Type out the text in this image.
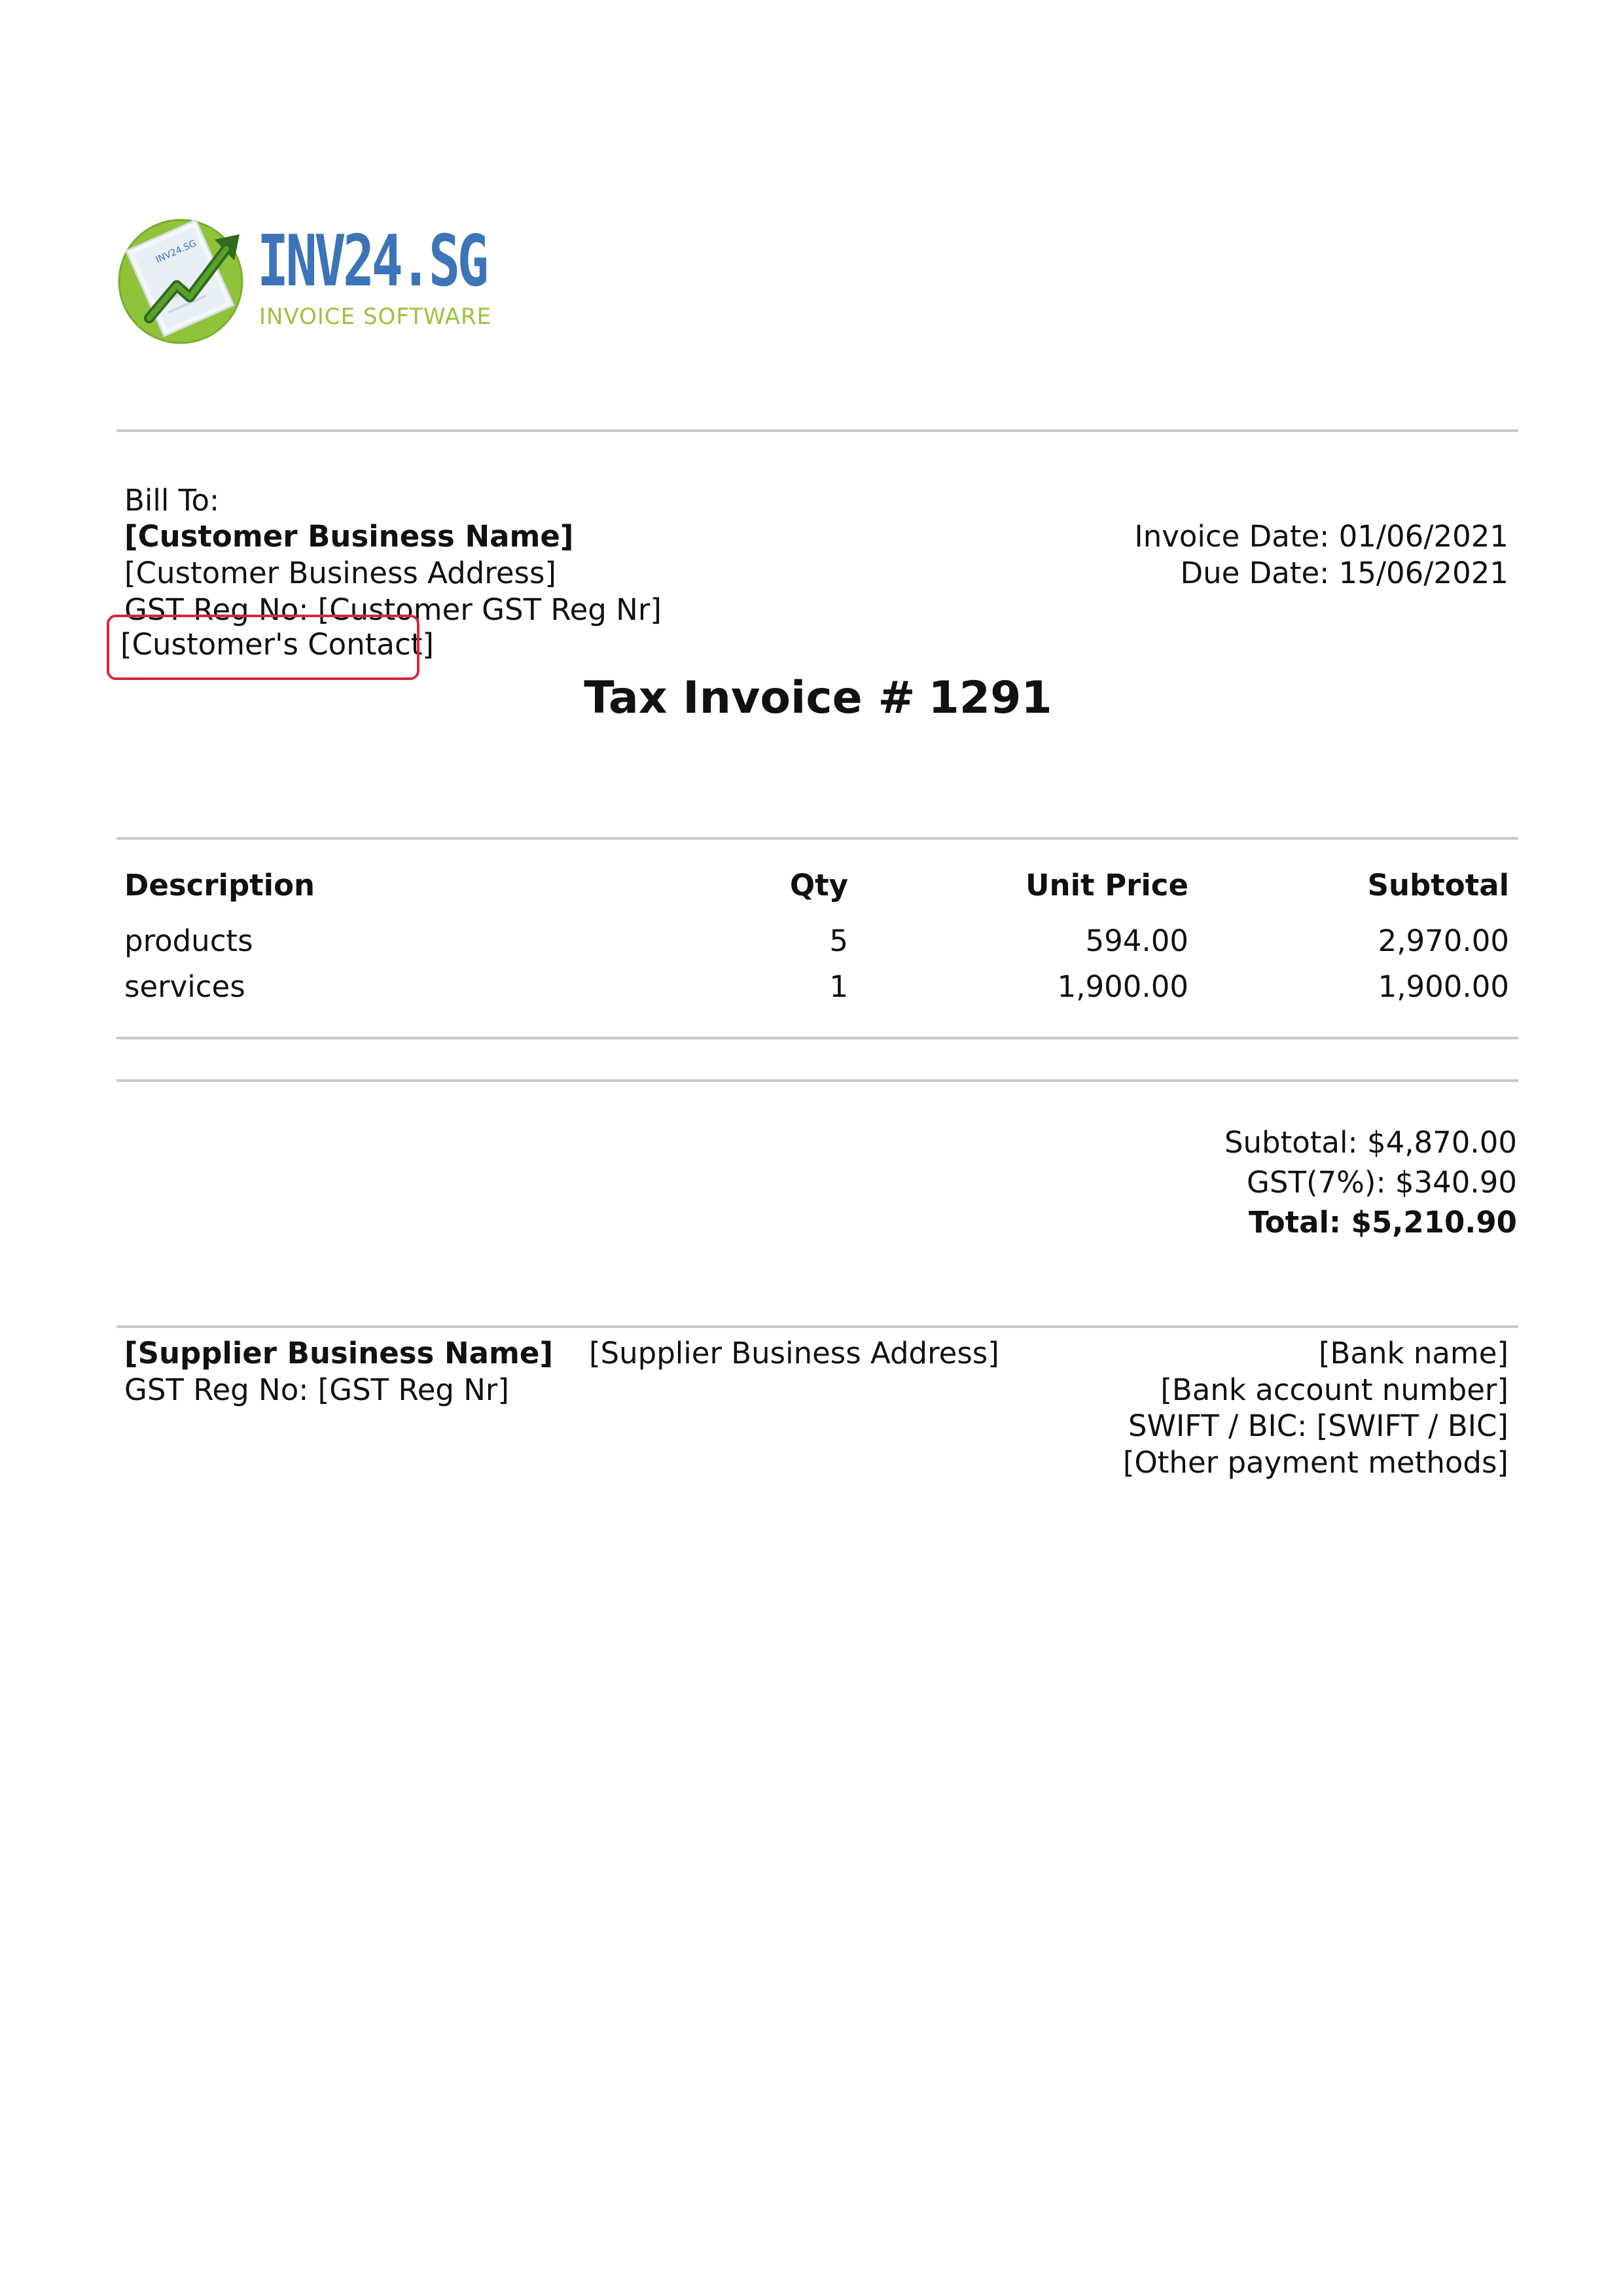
INV24.SG INV24.SG
INVOICE SOFTWARE
Bill To:
[Customer Business Name]
[Customer Business Address]
GST Reg No: [Customer GST Reg Nr]
[Customer's Contact]
Invoice Date: 01/06/2021
Due Date: 15/06/2021
Tax Invoice # 1291
Description	Qty	Unit Price	Subtotal
products	5	594.00	2,970.00
services	1	1,900.00	1,900.00
Subtotal: $4,870.00
GST(7%): $340.90
Total: $5,210.90
[Supplier Business Name]
GST Reg No: [GST Reg Nr]
[Supplier Business Address]	[Bank name]
[Bank account number]
SWIFT / BIC: [SWIFT / BIC]
[Other payment methods]
